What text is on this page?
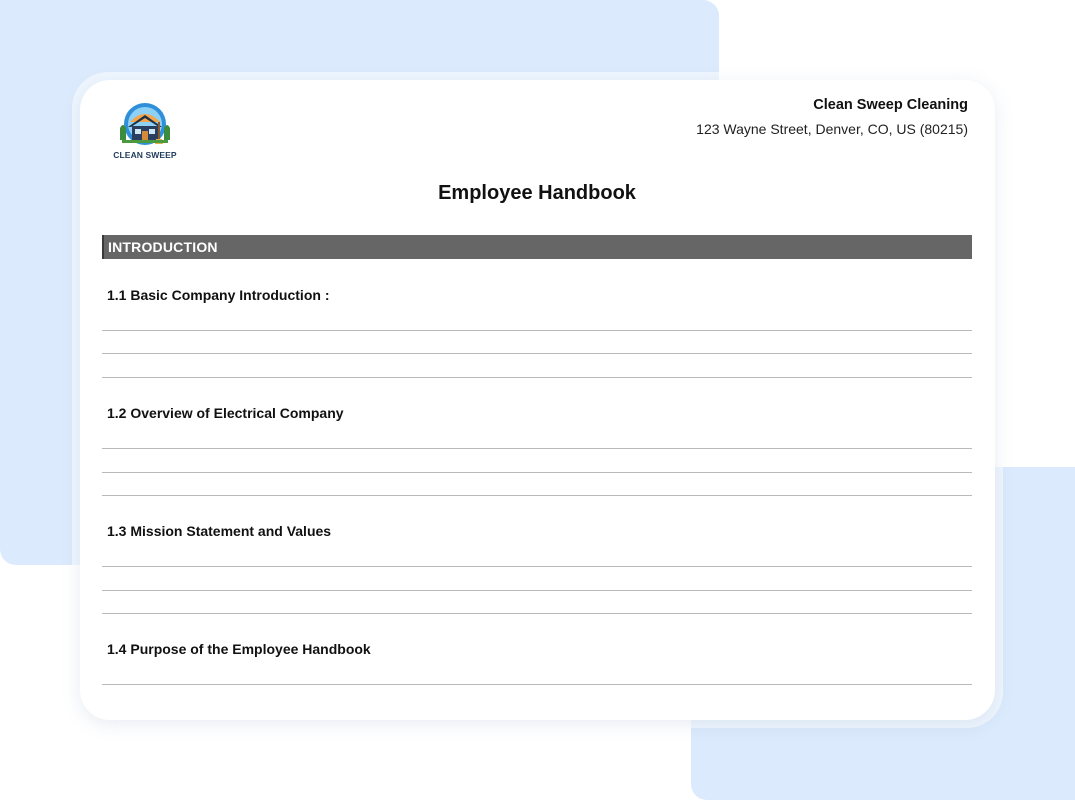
CLEAN SWEEP
Clean Sweep Cleaning
123 Wayne Street, Denver, CO, US (80215)
Employee Handbook
INTRODUCTION
1.1 Basic Company Introduction :
1.2 Overview of Electrical Company
1.3 Mission Statement and Values
1.4 Purpose of the Employee Handbook
